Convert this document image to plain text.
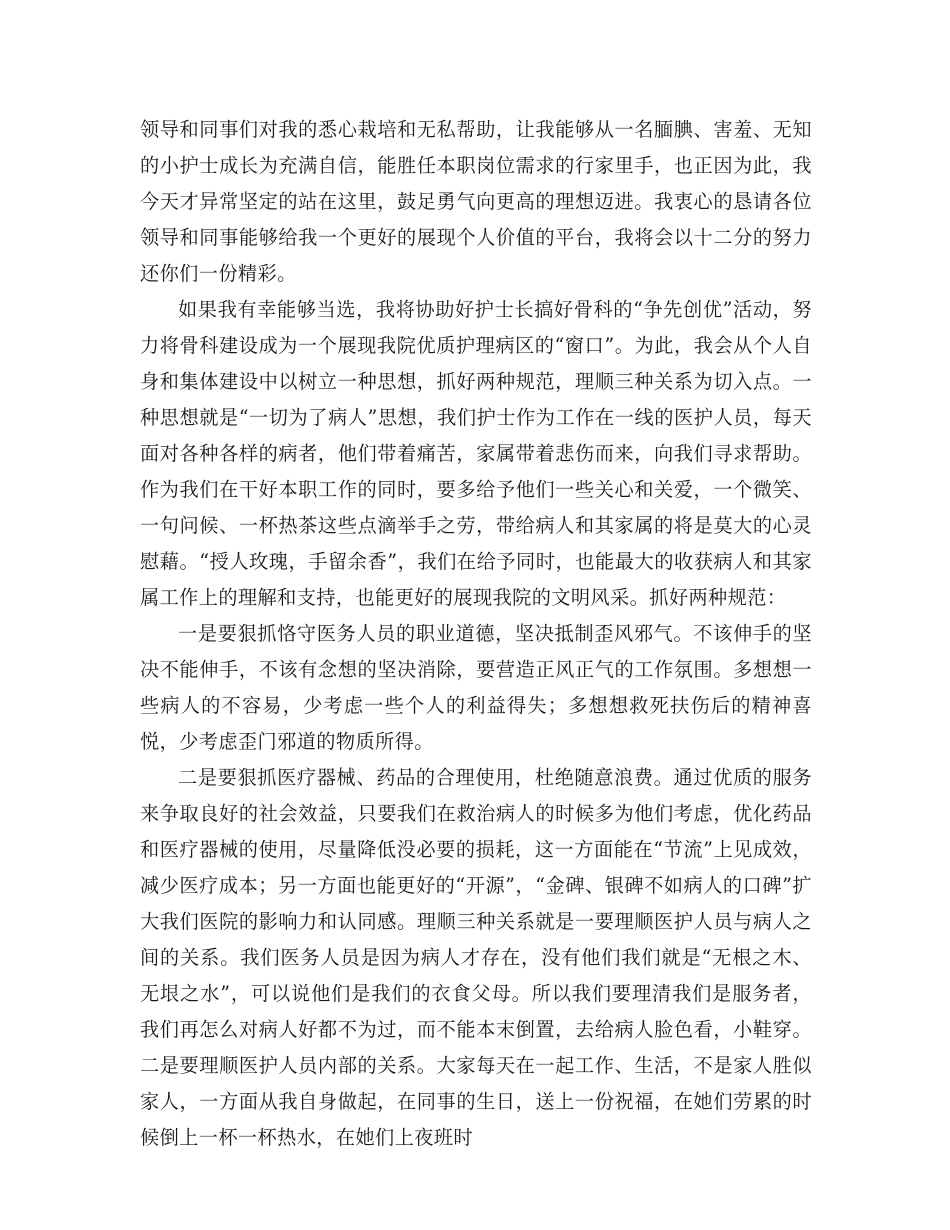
领导和同事们对我的悉心栽培和无私帮助，让我能够从一名腼腆、害羞、无知的小护士成长为充满自信，能胜任本职岗位需求的行家里手，也正因为此，我今天才异常坚定的站在这里，鼓足勇气向更高的理想迈进。我衷心的恳请各位领导和同事能够给我一个更好的展现个人价值的平台，我将会以十二分的努力还你们一份精彩。

如果我有幸能够当选，我将协助好护士长搞好骨科的“争先创优”活动，努力将骨科建设成为一个展现我院优质护理病区的“窗口”。为此，我会从个人自身和集体建设中以树立一种思想，抓好两种规范，理顺三种关系为切入点。一种思想就是“一切为了病人”思想，我们护士作为工作在一线的医护人员，每天面对各种各样的病者，他们带着痛苦，家属带着悲伤而来，向我们寻求帮助。作为我们在干好本职工作的同时，要多给予他们一些关心和关爱，一个微笑、一句问候、一杯热茶这些点滴举手之劳，带给病人和其家属的将是莫大的心灵慰藉。“授人玫瑰，手留余香”，我们在给予同时，也能最大的收获病人和其家属工作上的理解和支持，也能更好的展现我院的文明风采。抓好两种规范：

一是要狠抓恪守医务人员的职业道德，坚决抵制歪风邪气。不该伸手的坚决不能伸手，不该有念想的坚决消除，要营造正风正气的工作氛围。多想想一些病人的不容易，少考虑一些个人的利益得失；多想想救死扶伤后的精神喜悦，少考虑歪门邪道的物质所得。

二是要狠抓医疗器械、药品的合理使用，杜绝随意浪费。通过优质的服务来争取良好的社会效益，只要我们在救治病人的时候多为他们考虑，优化药品和医疗器械的使用，尽量降低没必要的损耗，这一方面能在“节流”上见成效，减少医疗成本；另一方面也能更好的“开源”，“金碑、银碑不如病人的口碑”扩大我们医院的影响力和认同感。理顺三种关系就是一要理顺医护人员与病人之间的关系。我们医务人员是因为病人才存在，没有他们我们就是“无根之木、无垠之水”，可以说他们是我们的衣食父母。所以我们要理清我们是服务者，我们再怎么对病人好都不为过，而不能本末倒置，去给病人脸色看，小鞋穿。二是要理顺医护人员内部的关系。大家每天在一起工作、生活，不是家人胜似家人，一方面从我自身做起，在同事的生日，送上一份祝福，在她们劳累的时候倒上一杯一杯热水，在她们上夜班时
